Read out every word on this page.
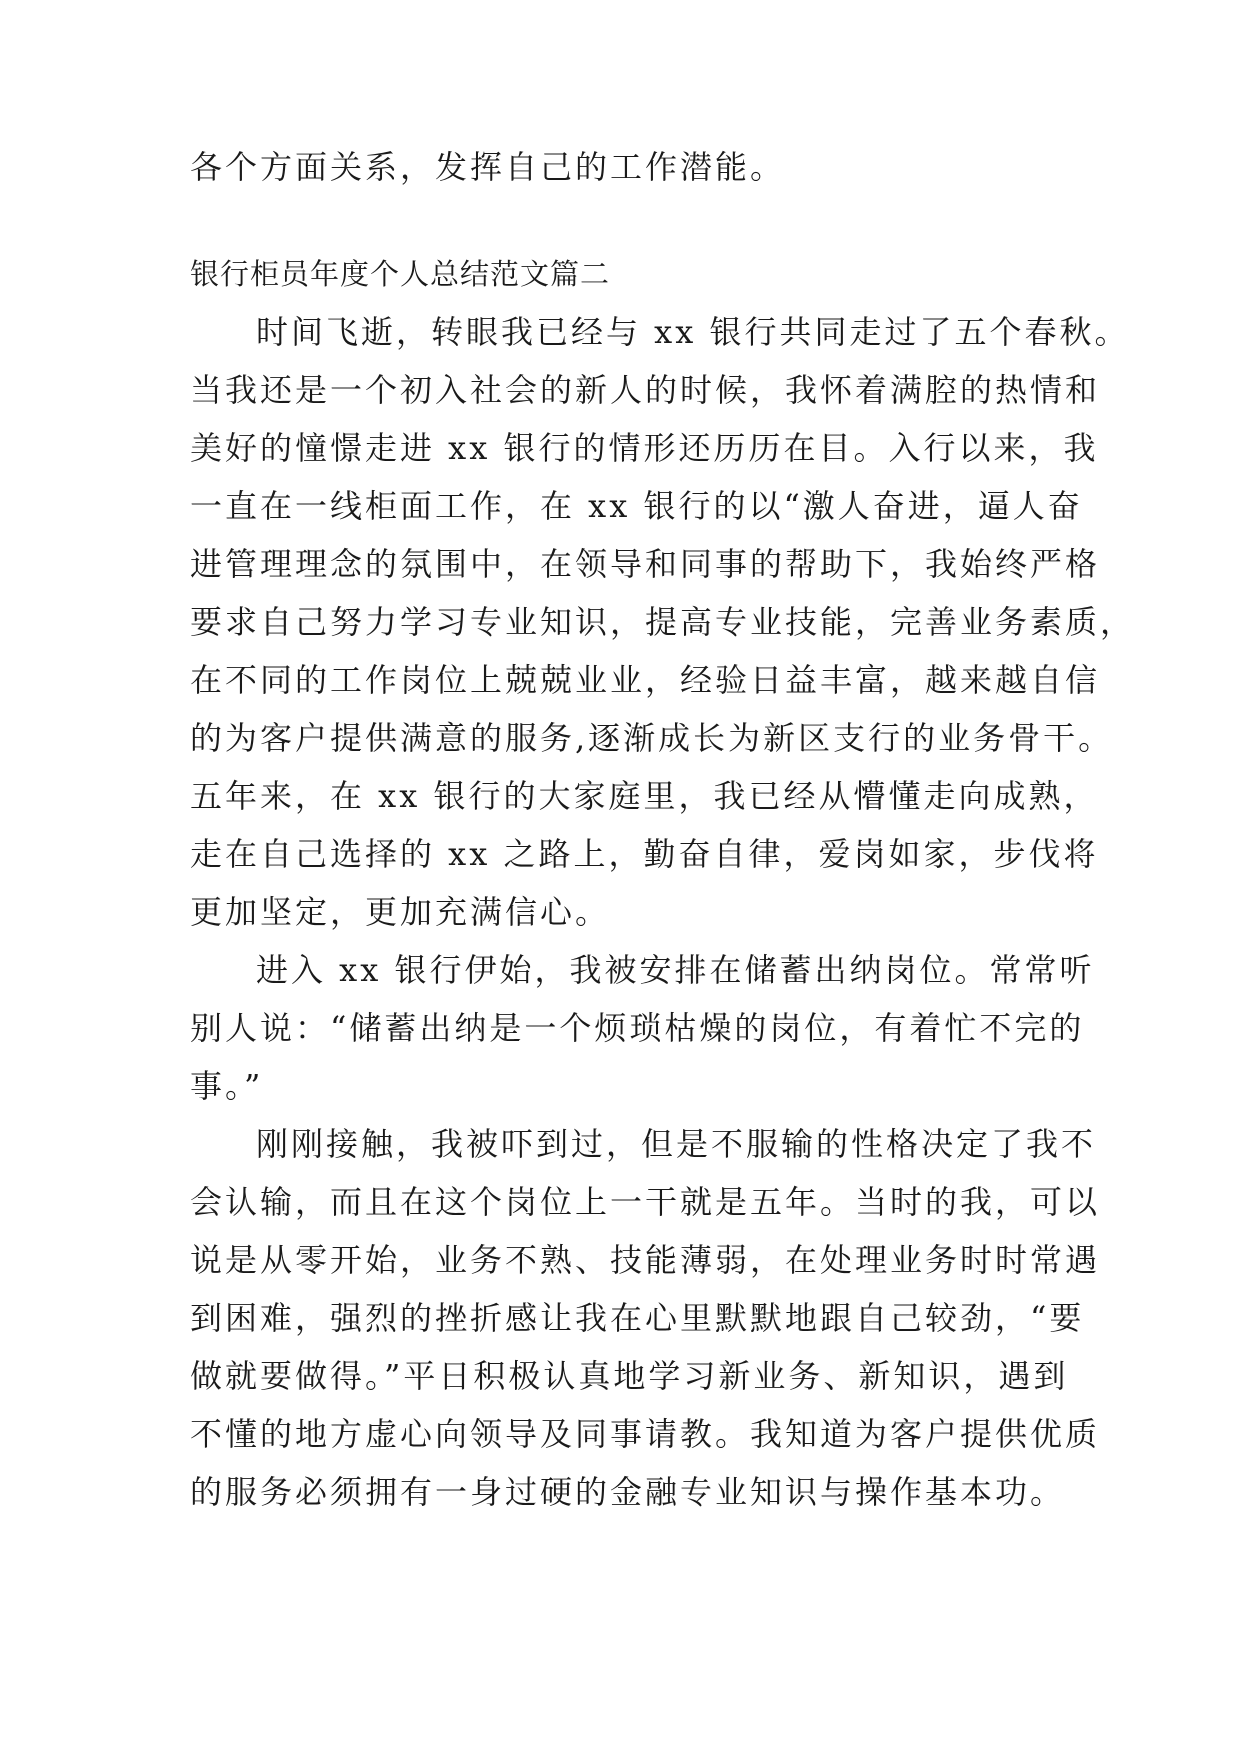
各个方面关系，发挥自己的工作潜能。
银行柜员年度个人总结范文篇二
时间飞逝，转眼我已经与 xx 银行共同走过了五个春秋。
当我还是一个初入社会的新人的时候，我怀着满腔的热情和
美好的憧憬走进 xx 银行的情形还历历在目。入行以来，我
一直在一线柜面工作，在 xx 银行的以“激人奋进，逼人奋
进管理理念的氛围中，在领导和同事的帮助下，我始终严格
要求自己努力学习专业知识，提高专业技能，完善业务素质，
在不同的工作岗位上兢兢业业，经验日益丰富，越来越自信
的为客户提供满意的服务,逐渐成长为新区支行的业务骨干。
五年来，在 xx 银行的大家庭里，我已经从懵懂走向成熟，
走在自己选择的 xx 之路上，勤奋自律，爱岗如家，步伐将
更加坚定，更加充满信心。
进入 xx 银行伊始，我被安排在储蓄出纳岗位。常常听
别人说：“储蓄出纳是一个烦琐枯燥的岗位，有着忙不完的
事。”
刚刚接触，我被吓到过，但是不服输的性格决定了我不
会认输，而且在这个岗位上一干就是五年。当时的我，可以
说是从零开始，业务不熟、技能薄弱，在处理业务时时常遇
到困难，强烈的挫折感让我在心里默默地跟自己较劲，“要
做就要做得。”平日积极认真地学习新业务、新知识，遇到
不懂的地方虚心向领导及同事请教。我知道为客户提供优质
的服务必须拥有一身过硬的金融专业知识与操作基本功。
